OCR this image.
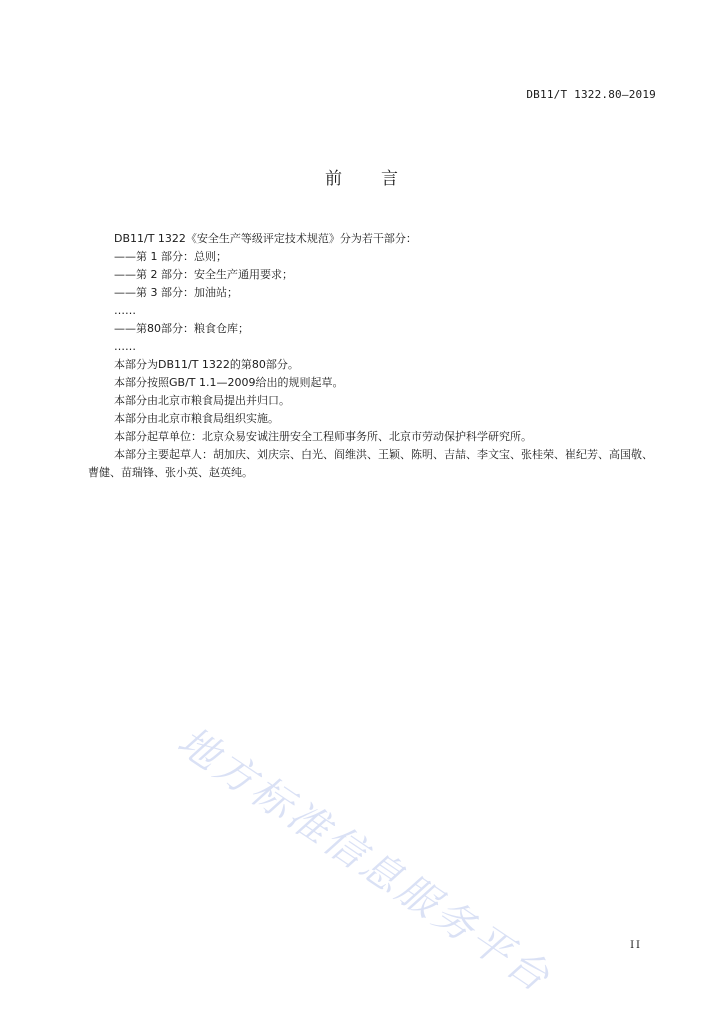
DB11/T 1322.80—2019
前 言

DB11/T 1322《安全生产等级评定技术规范》分为若干部分：

——第 1 部分：总则；

——第 2 部分：安全生产通用要求；

——第 3 部分：加油站；

……

——第80部分：粮食仓库；

……

本部分为DB11/T 1322的第80部分。

本部分按照GB/T 1.1—2009给出的规则起草。

本部分由北京市粮食局提出并归口。

本部分由北京市粮食局组织实施。

本部分起草单位：北京众易安诚注册安全工程师事务所、北京市劳动保护科学研究所。

本部分主要起草人：胡加庆、刘庆宗、白光、阎维洪、王颖、陈明、吉喆、李文宝、张桂荣、崔纪芳、高国敬、曹健、苗瑞锋、张小英、赵英纯。

地方标准信息服务平台	II
